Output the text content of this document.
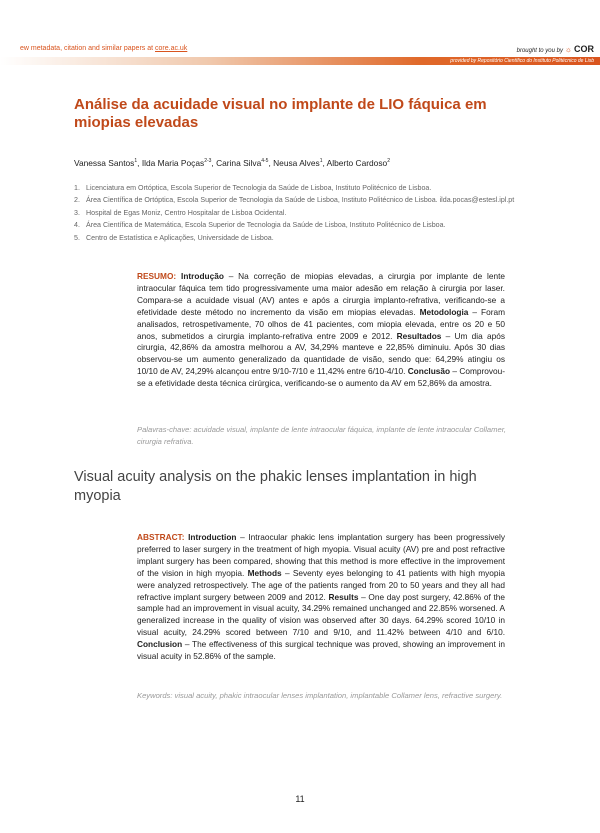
ew metadata, citation and similar papers at core.ac.uk	brought to you by ☼ COR
provided by Repositório Científico do Instituto Politécnico de Lisb
Análise da acuidade visual no implante de LIO fáquica em miopias elevadas
Vanessa Santos$^1$, Ilda Maria Poças$^{2-3}$, Carina Silva$^{4-5}$, Neusa Alves$^1$, Alberto Cardoso$^2$
1. Licenciatura em Ortóptica, Escola Superior de Tecnologia da Saúde de Lisboa, Instituto Politécnico de Lisboa.
2. Área Científica de Ortóptica, Escola Superior de Tecnologia da Saúde de Lisboa, Instituto Politécnico de Lisboa. ilda.pocas@estesl.ipl.pt
3. Hospital de Egas Moniz, Centro Hospitalar de Lisboa Ocidental.
4. Área Científica de Matemática, Escola Superior de Tecnologia da Saúde de Lisboa, Instituto Politécnico de Lisboa.
5. Centro de Estatística e Aplicações, Universidade de Lisboa.

RESUMO: Introdução – Na correção de miopias elevadas, a cirurgia por implante de lente intraocular fáquica tem tido progressivamente uma maior adesão em relação à cirurgia por laser. Compara-se a acuidade visual (AV) antes e após a cirurgia implanto-refrativa, verificando-se a efetividade deste método no incremento da visão em miopias elevadas. Metodologia – Foram analisados, retrospetivamente, 70 olhos de 41 pacientes, com miopia elevada, entre os 20 e 50 anos, submetidos a cirurgia implanto-refrativa entre 2009 e 2012. Resultados – Um dia após cirurgia, 42,86% da amostra melhorou a AV, 34,29% manteve e 22,85% diminuiu. Após 30 dias observou-se um aumento generalizado da quantidade de visão, sendo que: 64,29% atingiu os 10/10 de AV, 24,29% alcançou entre 9/10-7/10 e 11,42% entre 6/10-4/10. Conclusão – Comprovou-se a efetividade desta técnica cirúrgica, verificando-se o aumento da AV em 52,86% da amostra.

Palavras-chave: acuidade visual, implante de lente intraocular fáquica, implante de lente intraocular Collamer, cirurgia refrativa.

Visual acuity analysis on the phakic lenses implantation in high myopia

ABSTRACT: Introduction – Intraocular phakic lens implantation surgery has been progressively preferred to laser surgery in the treatment of high myopia. Visual acuity (AV) pre and post refractive implant surgery has been compared, showing that this method is more effective in the improvement of the vision in high myopia. Methods – Seventy eyes belonging to 41 patients with high myopia were analyzed retrospectively. The age of the patients ranged from 20 to 50 years and they all had refractive implant surgery between 2009 and 2012. Results – One day post surgery, 42.86% of the sample had an improvement in visual acuity, 34.29% remained unchanged and 22.85% worsened. A generalized increase in the quality of vision was observed after 30 days. 64.29% scored 10/10 in visual acuity, 24.29% scored between 7/10 and 9/10, and 11.42% between 4/10 and 6/10. Conclusion – The effectiveness of this surgical technique was proved, showing an improvement in visual acuity in 52.86% of the sample.

Keywords: visual acuity, phakic intraocular lenses implantation, implantable Collamer lens, refractive surgery.

11
